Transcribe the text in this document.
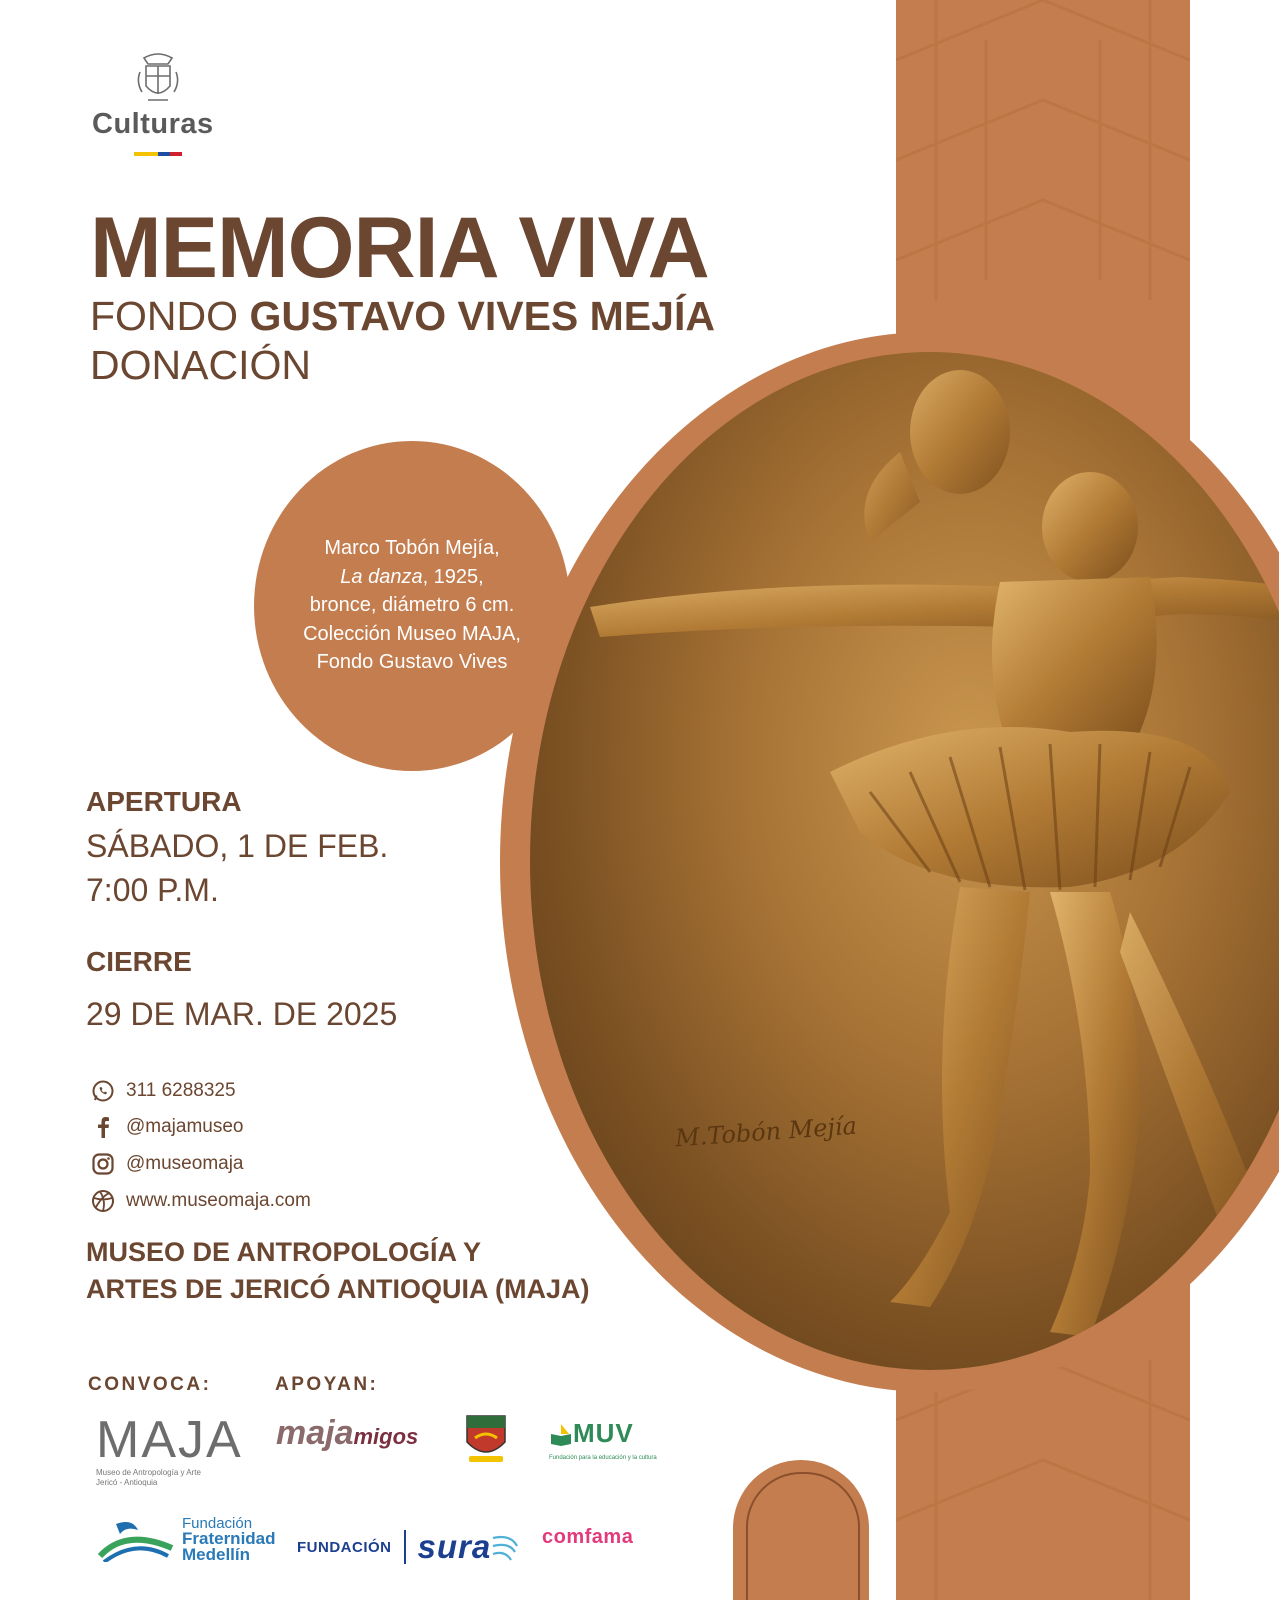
M.Tobón Mejía
Marco Tobón Mejía,
La danza, 1925,
bronce, diámetro 6 cm.
Colección Museo MAJA,
Fondo Gustavo Vives
Culturas
MEMORIA VIVA
FONDO GUSTAVO VIVES MEJÍA
DONACIÓN
APERTURA
SÁBADO, 1 DE FEB.
7:00 P.M.
CIERRE
29 DE MAR. DE 2025
311 6288325
@majamuseo
@museomaja
www.museomaja.com
MUSEO DE ANTROPOLOGÍA Y
ARTES DE JERICÓ ANTIOQUIA (MAJA)
CONVOCA:	APOYAN:
MAJA
Museo de Antropología y Arte
Jericó - Antioquia
majamigos	MUV
Fundación para la educación y la cultura
Fundación
Fraternidad
Medellín	FUNDACIÓN sura	comfama
